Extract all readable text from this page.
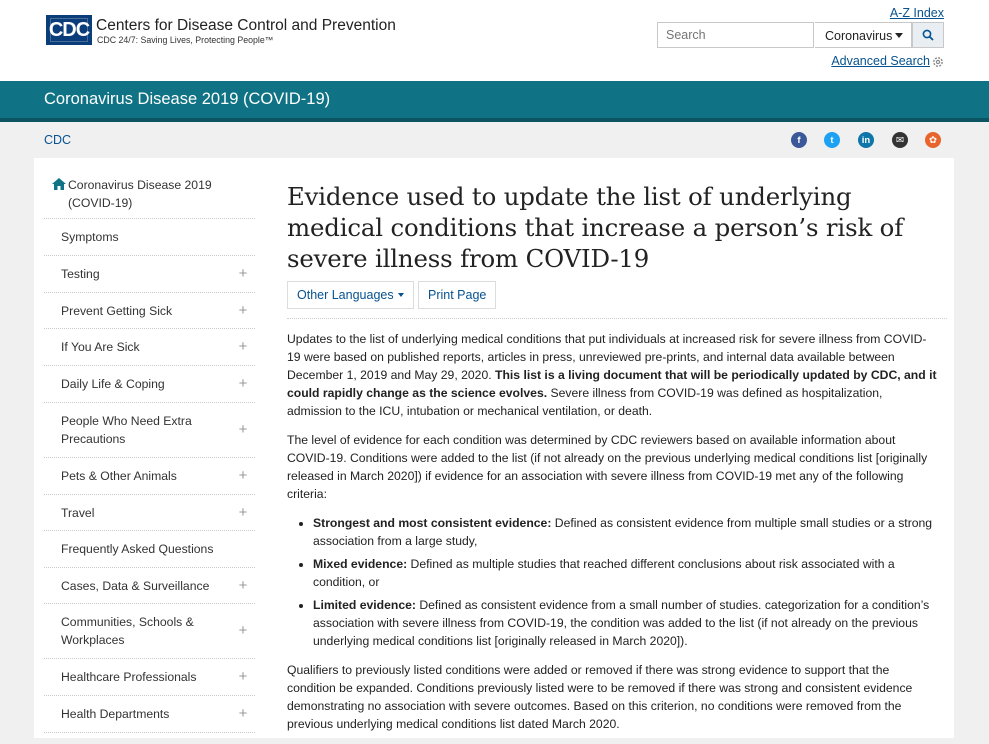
CDC Centers for Disease Control and Prevention
CDC 24/7: Saving Lives, Protecting People™
A-Z Index
Search
Coronavirus
Advanced Search
Coronavirus Disease 2019 (COVID-19)
CDC	f	t	in	✉	✿
Coronavirus Disease 2019 (COVID-19)
Symptoms
Testing	+
Prevent Getting Sick	+
If You Are Sick	+
Daily Life & Coping	+
People Who Need Extra Precautions
+
Pets & Other Animals	+
Travel	+
Frequently Asked Questions
Cases, Data & Surveillance +
Communities, Schools & Workplaces
+
Healthcare Professionals	+
Health Departments	+
Evidence used to update the list of underlying medical conditions that increase a person’s risk of severe illness from COVID-19
Other Languages	Print Page

Updates to the list of underlying medical conditions that put individuals at increased risk for severe illness from COVID-19 were based on published reports, articles in press, unreviewed pre-prints, and internal data available between December 1, 2019 and May 29, 2020. This list is a living document that will be periodically updated by CDC, and it could rapidly change as the science evolves. Severe illness from COVID-19 was defined as hospitalization, admission to the ICU, intubation or mechanical ventilation, or death.

The level of evidence for each condition was determined by CDC reviewers based on available information about COVID-19. Conditions were added to the list (if not already on the previous underlying medical conditions list [originally released in March 2020]) if evidence for an association with severe illness from COVID-19 met any of the following criteria:

• Strongest and most consistent evidence: Defined as consistent evidence from multiple small studies or a strong association from a large study,
• Mixed evidence: Defined as multiple studies that reached different conclusions about risk associated with a condition, or
• Limited evidence: Defined as consistent evidence from a small number of studies. categorization for a condition’s association with severe illness from COVID-19, the condition was added to the list (if not already on the previous underlying medical conditions list [originally released in March 2020]).

Qualifiers to previously listed conditions were added or removed if there was strong evidence to support that the condition be expanded. Conditions previously listed were to be removed if there was strong and consistent evidence demonstrating no association with severe outcomes. Based on this criterion, no conditions were removed from the previous underlying medical conditions list dated March 2020.
